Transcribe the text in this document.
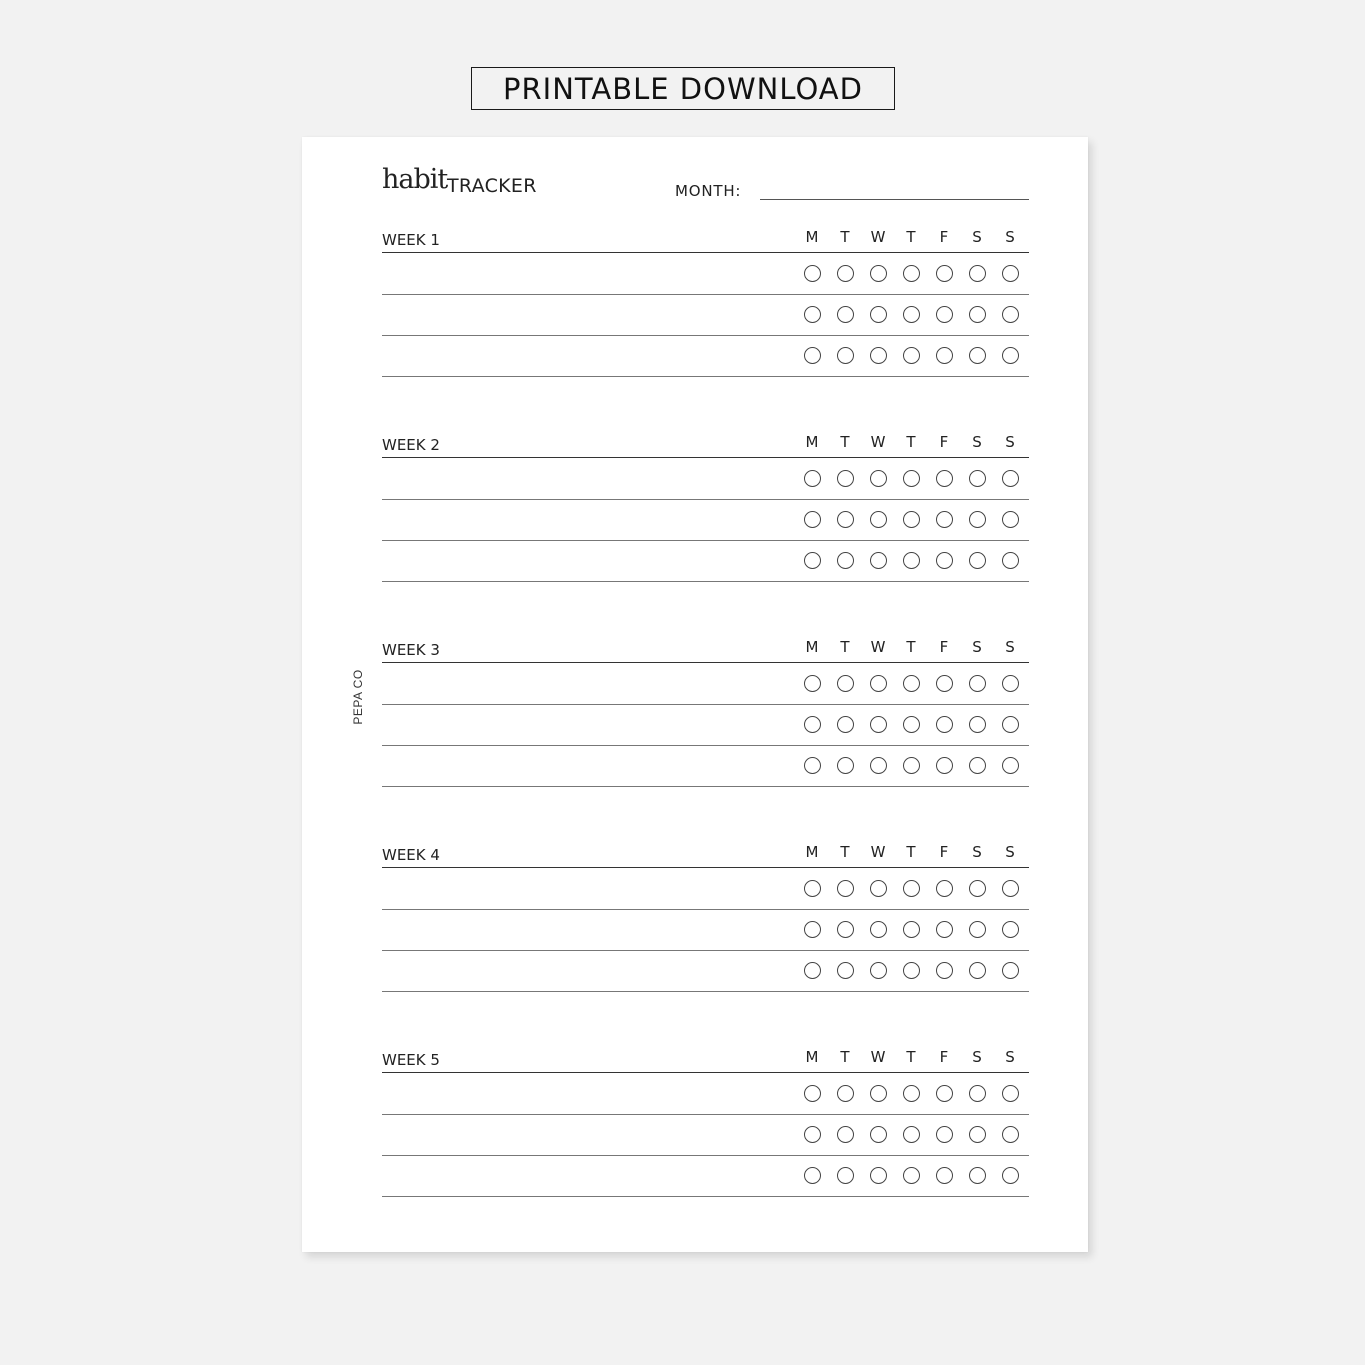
PRINTABLE DOWNLOAD
PEPA CO
habit TRACKER	MONTH:
WEEK 1	M	T	W	T	F	S	S
WEEK 2	M	T	W	T	F	S	S
WEEK 3	M	T	W	T	F	S	S
WEEK 4	M	T	W	T	F	S	S
WEEK 5	M	T	W	T	F	S	S
